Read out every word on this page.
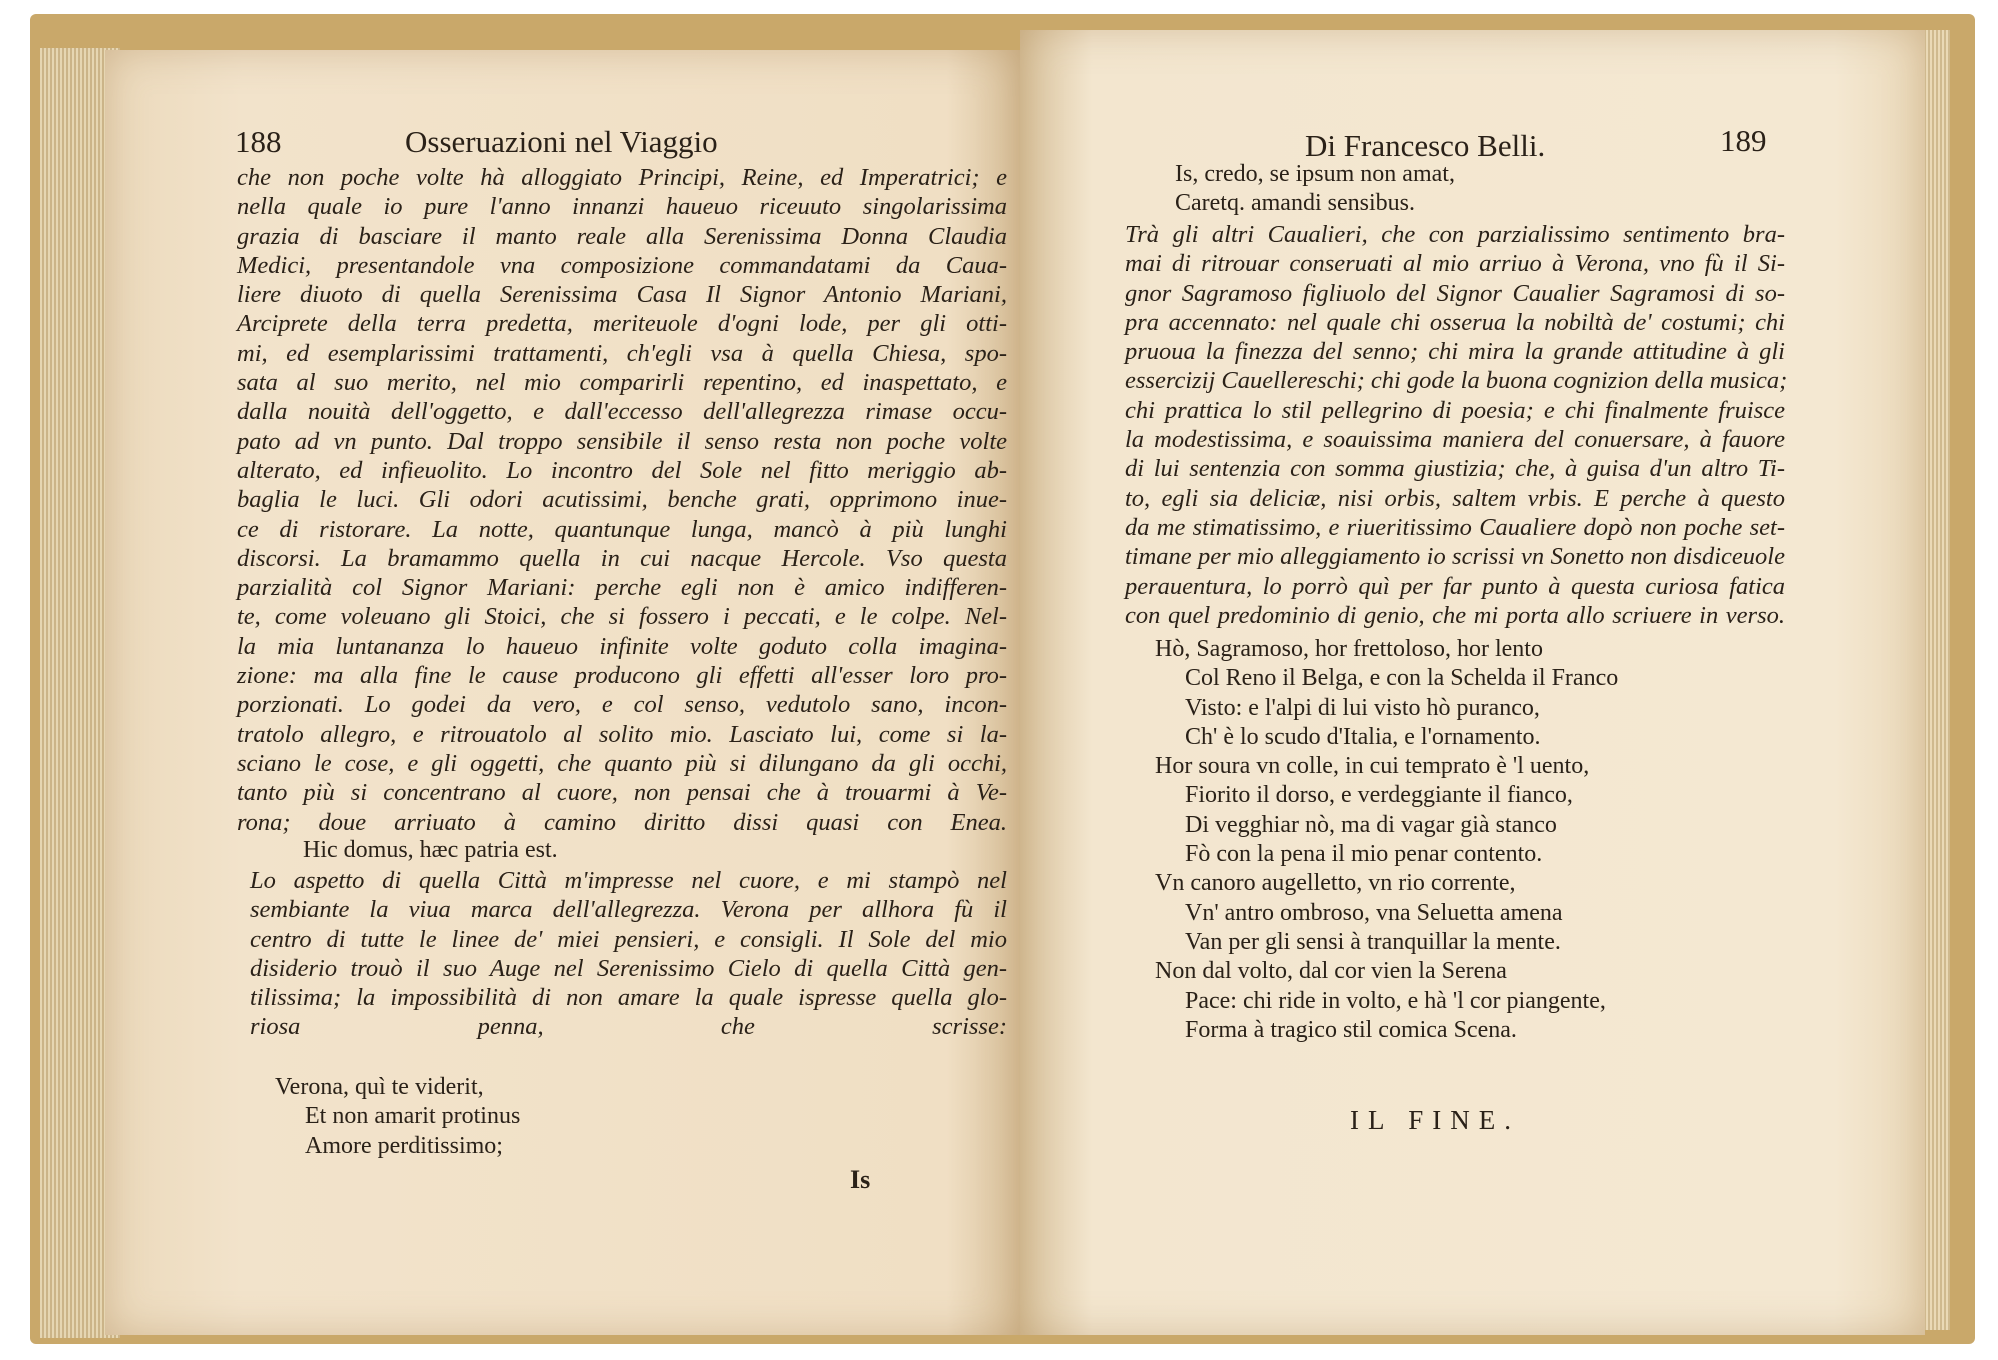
188	Osseruazioni nel Viaggio
che non poche volte hà alloggiato Principi, Reine, ed Imperatrici; e
nella quale io pure l'anno innanzi haueuo riceuuto singolarissima
grazia di basciare il manto reale alla Serenissima Donna Claudia
Medici, presentandole vna composizione commandatami da Caua-
liere diuoto di quella Serenissima Casa Il Signor Antonio Mariani,
Arciprete della terra predetta, meriteuole d'ogni lode, per gli otti-
mi, ed esemplarissimi trattamenti, ch'egli vsa à quella Chiesa, spo-
sata al suo merito, nel mio comparirli repentino, ed inaspettato, e
dalla nouità dell'oggetto, e dall'eccesso dell'allegrezza rimase occu-
pato ad vn punto. Dal troppo sensibile il senso resta non poche volte
alterato, ed infieuolito. Lo incontro del Sole nel fitto meriggio ab-
baglia le luci. Gli odori acutissimi, benche grati, opprimono inue-
ce di ristorare. La notte, quantunque lunga, mancò à più lunghi
discorsi. La bramammo quella in cui nacque Hercole. Vso questa
parzialità col Signor Mariani: perche egli non è amico indifferen-
te, come voleuano gli Stoici, che si fossero i peccati, e le colpe. Nel-
la mia luntananza lo haueuo infinite volte goduto colla imagina-
zione: ma alla fine le cause producono gli effetti all'esser loro pro-
porzionati. Lo godei da vero, e col senso, vedutolo sano, incon-
tratolo allegro, e ritrouatolo al solito mio. Lasciato lui, come si la-
sciano le cose, e gli oggetti, che quanto più si dilungano da gli occhi,
tanto più si concentrano al cuore, non pensai che à trouarmi à Ve-
rona; doue arriuato à camino diritto dissi quasi con Enea.
Hic domus, hæc patria est.
Lo aspetto di quella Città m'impresse nel cuore, e mi stampò nel
sembiante la viua marca dell'allegrezza. Verona per allhora fù il
centro di tutte le linee de' miei pensieri, e consigli. Il Sole del mio
disiderio trouò il suo Auge nel Serenissimo Cielo di quella Città gen-
tilissima; la impossibilità di non amare la quale ispresse quella glo-
riosa penna, che scrisse:
Verona, quì te viderit,
Et non amarit protinus
Amore perditissimo;
Is
Di Francesco Belli.	189
Is, credo, se ipsum non amat,
Caretq. amandi sensibus.
Trà gli altri Caualieri, che con parzialissimo sentimento bra-
mai di ritrouar conseruati al mio arriuo à Verona, vno fù il Si-
gnor Sagramoso figliuolo del Signor Caualier Sagramosi di so-
pra accennato: nel quale chi osserua la nobiltà de' costumi; chi
pruoua la finezza del senno; chi mira la grande attitudine à gli
essercizij Cauellereschi; chi gode la buona cognizion della musica;
chi prattica lo stil pellegrino di poesia; e chi finalmente fruisce
la modestissima, e soauissima maniera del conuersare, à fauore
di lui sentenzia con somma giustizia; che, à guisa d'un altro Ti-
to, egli sia deliciæ, nisi orbis, saltem vrbis. E perche à questo
da me stimatissimo, e riueritissimo Caualiere dopò non poche set-
timane per mio alleggiamento io scrissi vn Sonetto non disdiceuole
perauentura, lo porrò quì per far punto à questa curiosa fatica
con quel predominio di genio, che mi porta allo scriuere in verso.
Hò, Sagramoso, hor frettoloso, hor lento
Col Reno il Belga, e con la Schelda il Franco
Visto: e l'alpi di lui visto hò puranco,
Ch' è lo scudo d'Italia, e l'ornamento.
Hor soura vn colle, in cui temprato è 'l uento,
Fiorito il dorso, e verdeggiante il fianco,
Di vegghiar nò, ma di vagar già stanco
Fò con la pena il mio penar contento.
Vn canoro augelletto, vn rio corrente,
Vn' antro ombroso, vna Seluetta amena
Van per gli sensi à tranquillar la mente.
Non dal volto, dal cor vien la Serena
Pace: chi ride in volto, e hà 'l cor piangente,
Forma à tragico stil comica Scena.
IL FINE.
